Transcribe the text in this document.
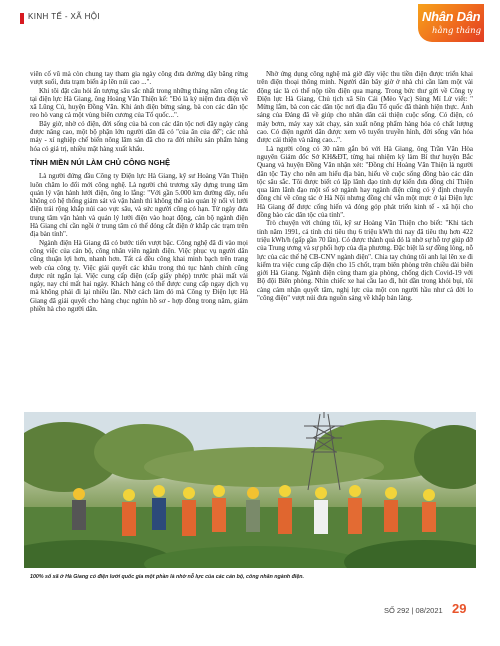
KINH TẾ - XÃ HỘI	Nhân Dân
hằng tháng

viên cố vũ mà còn chung tay tham gia ngày công đưa đường dây băng rừng vượt suối, đưa trạm biến áp lên núi cao ...".

Khi tôi đặt câu hỏi ấn tượng sâu sắc nhất trong những tháng năm công tác tại điện lực Hà Giang, ông Hoàng Văn Thiện kể: "Đó là kỷ niệm đưa điện về xã Lũng Cú, huyện Đồng Văn. Khi ánh điện bừng sáng, bà con các dân tộc reo hò vang cả một vùng biên cương của Tổ quốc...".

Bây giờ, nhờ có điện, đời sống của bà con các dân tộc nơi đây ngày càng được nâng cao, một bộ phận lớn người dân đã có "của ăn của để"; các nhà máy - xí nghiệp chế biến nông lâm sản đã cho ra đời nhiều sản phẩm hàng hóa có giá trị, nhiều mặt hàng xuất khẩu.

TỈNH MIỀN NÚI LÀM CHỦ CÔNG NGHỆ

Là người đứng đầu Công ty Điện lực Hà Giang, kỹ sư Hoàng Văn Thiện luôn chăm lo đổi mới công nghệ. Là người chủ trương xây dựng trung tâm quản lý vận hành lưới điện, ông lo lắng: "Với gần 5.000 km đường dây, nếu không có hệ thống giám sát và vận hành thì không thể nào quản lý nổi vì lưới điện trải rộng khắp núi cao vực sâu, và sức người cũng có hạn. Từ ngày đưa trung tâm vận hành và quản lý lưới điện vào hoạt động, cán bộ ngành điện Hà Giang chỉ cần ngồi ở trung tâm có thể đóng cắt điện ở khắp các trạm trên địa bàn tỉnh".

Ngành điện Hà Giang đã có bước tiến vượt bậc. Công nghệ đã đi vào mọi công việc của cán bộ, công nhân viên ngành điện. Việc phục vụ người dân cũng thuận lợi hơn, nhanh hơn. Tất cả đều công khai minh bạch trên trang web của công ty. Việc giải quyết các khâu trong thủ tục hành chính cũng được rút ngắn lại. Việc cung cấp điện (cấp giấy phép) trước phải mất vài ngày, nay chỉ mất hai ngày. Khách hàng có thể được cung cấp ngay dịch vụ mà không phải đi lại nhiều lần. Nhờ cách làm đó mà Công ty Điện lực Hà Giang đã giải quyết cho hàng chục nghìn hồ sơ - hợp đồng trong năm, giảm phiền hà cho người dân.

Nhờ ứng dụng công nghệ mà giờ đây việc thu tiền điện được triển khai trên điện thoại thông minh. Người dân bây giờ ở nhà chỉ cần làm một vài động tác là có thể nộp tiền điện qua mạng. Trong bức thư gửi về Công ty Điện lực Hà Giang, Chủ tịch xã Sín Cái (Mèo Vạc) Sùng Mí Lử viết: " Mừng lắm, bà con các dân tộc nơi địa đầu Tổ quốc đã thành hiện thực. Ánh sáng của Đảng đã về giúp cho nhân dân cải thiện cuộc sống. Có điện, có máy bơm, máy xay xát chạy, sản xuất nông phẩm hàng hóa có chất lượng cao. Có điện người dân được xem vô tuyến truyền hình, đời sống văn hóa được cải thiện và nâng cao...".

Là người công có 30 năm gắn bó với Hà Giang, ông Trần Văn Hòa nguyên Giám đốc Sở KH&ĐT, từng hai nhiệm kỳ làm Bí thư huyện Bắc Quang và huyện Đồng Văn nhận xét: "Đồng chí Hoàng Văn Thiện là người dân tộc Tày cho nên am hiểu địa bàn, hiểu về cuộc sống đồng bào các dân tộc sâu sắc. Tôi được biết có lập lãnh đạo tỉnh dự kiến đưa đồng chí Thiện qua làm lãnh đạo một số sở ngành hay ngành điện cũng có ý định chuyển đồng chí về công tác ở Hà Nội nhưng đồng chí vẫn một mực ở lại Điện lực Hà Giang để được cống hiến và đóng góp phát triển kinh tế - xã hội cho đồng bào các dân tộc của tỉnh".

Trò chuyện với chúng tôi, kỹ sư Hoàng Văn Thiện cho biết: "Khi tách tỉnh năm 1991, cả tỉnh chỉ tiêu thụ 6 triệu kWh thì nay đã tiêu thụ hơn 422 triệu kWh/h (gấp gần 70 lần). Có được thành quả đó là nhờ sự hỗ trợ giúp đỡ của Trung ương và sự phối hợp của địa phương. Đặc biệt là sự đồng lòng, nỗ lực của các thế hệ CB-CNV ngành điện". Chia tay chúng tôi anh lại lên xe đi kiểm tra việc cung cấp điện cho 15 chốt, trạm biên phòng trên chiều dài biên giới Hà Giang. Ngành điện cùng tham gia phòng, chống dịch Covid-19 với Bộ đội Biên phòng. Nhìn chiếc xe hai cầu lao đi, hút dần trong khói bụi, tôi càng cảm nhận quyết tâm, nghị lực của một con người hầu như cả đời lo "công điện" vượt núi đưa nguồn sáng về khắp bản làng.

100% số xã ở Hà Giang có điện lưới quốc gia một phần là nhờ nỗ lực của các cán bộ, công nhân ngành điện.
SỐ 292 | 08/2021 29
